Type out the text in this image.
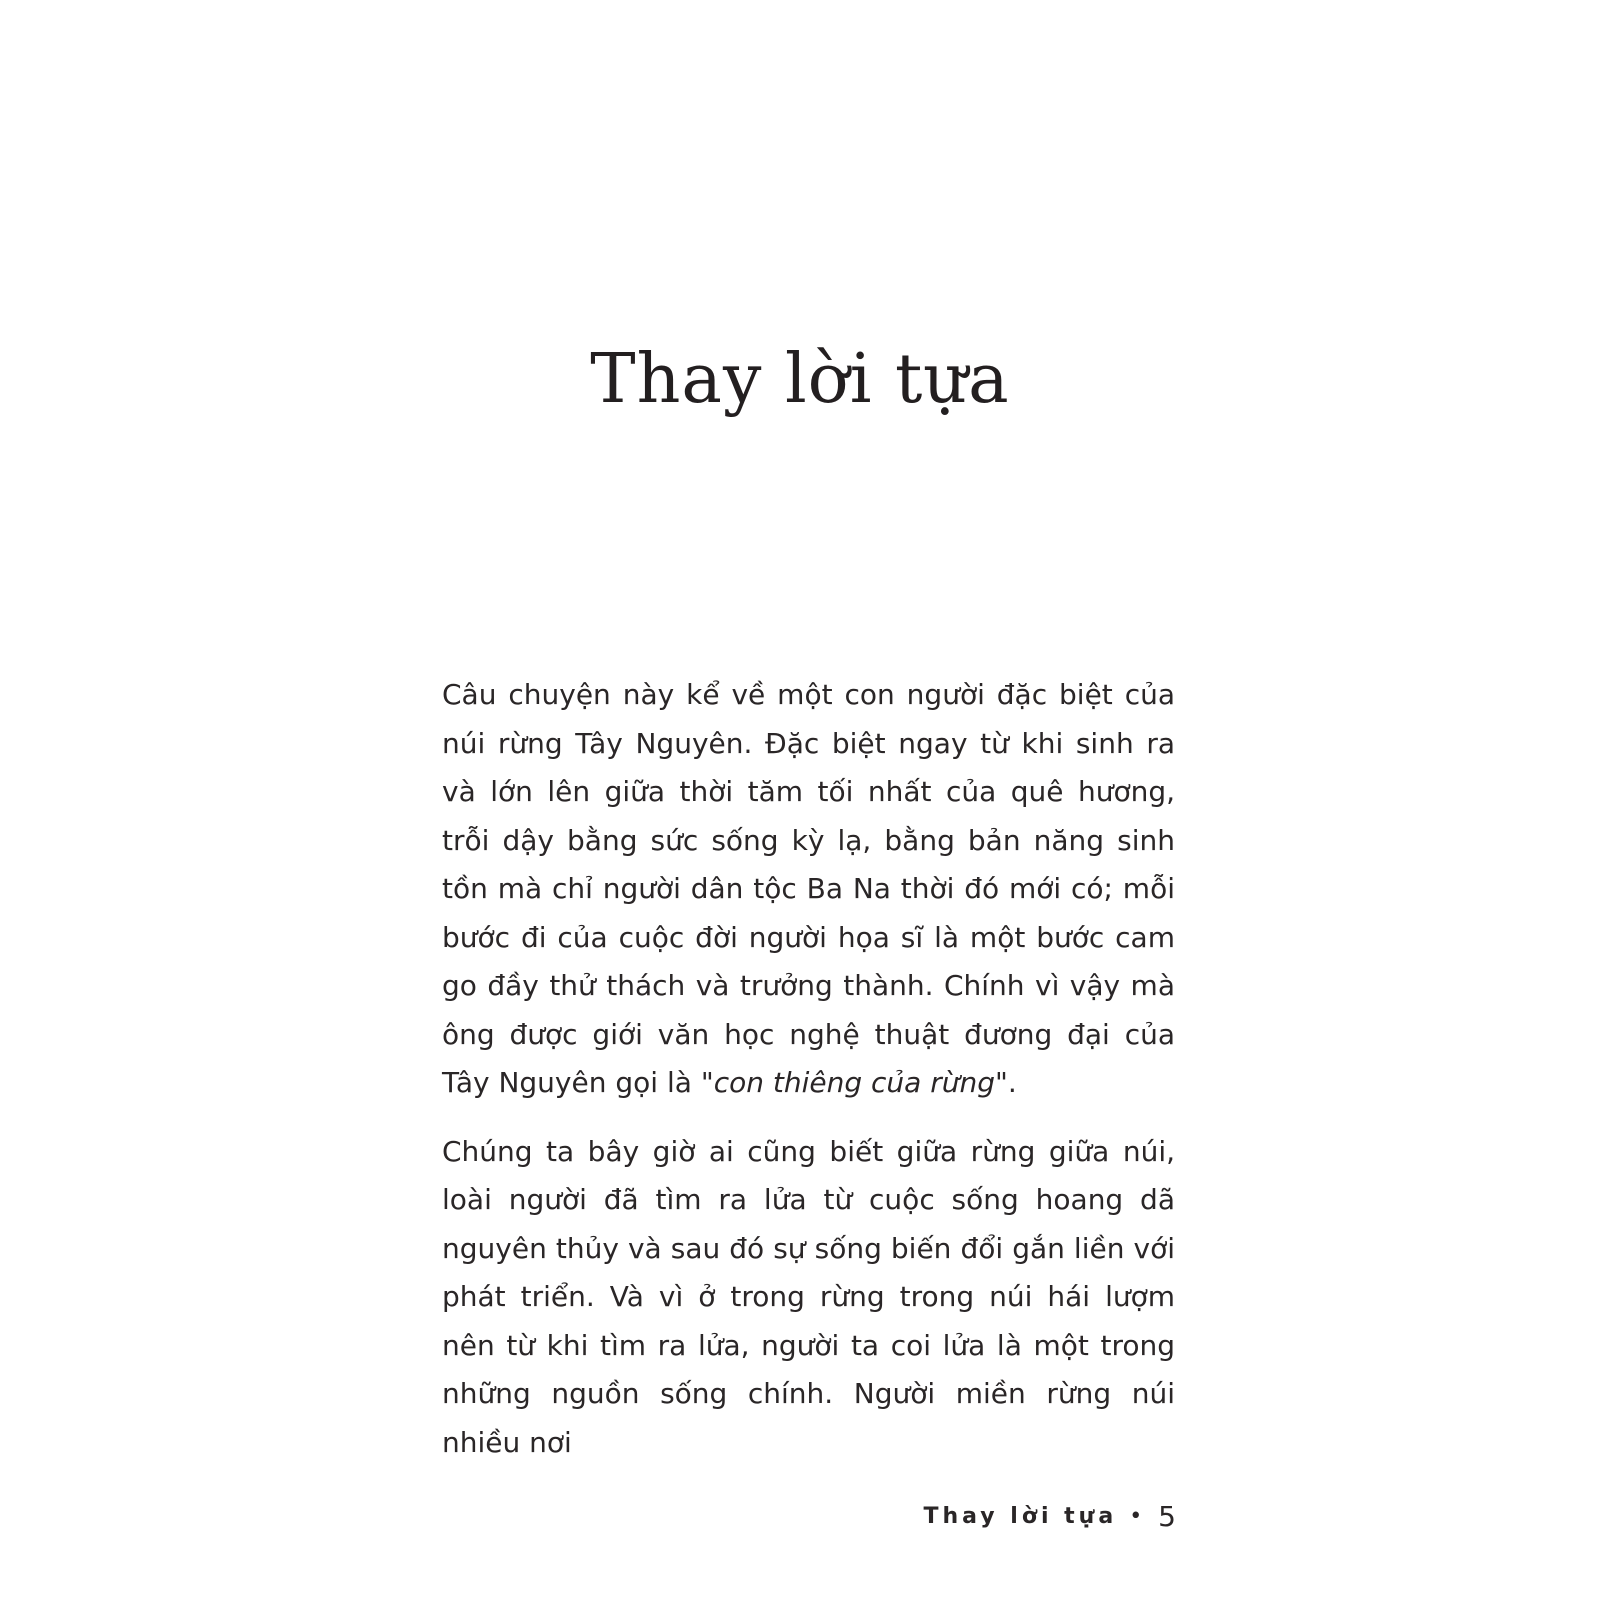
Thay lời tựa

Câu chuyện này kể về một con người đặc biệt của núi rừng Tây Nguyên. Đặc biệt ngay từ khi sinh ra và lớn lên giữa thời tăm tối nhất của quê hương, trỗi dậy bằng sức sống kỳ lạ, bằng bản năng sinh tồn mà chỉ người dân tộc Ba Na thời đó mới có; mỗi bước đi của cuộc đời người họa sĩ là một bước cam go đầy thử thách và trưởng thành. Chính vì vậy mà ông được giới văn học nghệ thuật đương đại của Tây Nguyên gọi là "con thiêng của rừng".

Chúng ta bây giờ ai cũng biết giữa rừng giữa núi, loài người đã tìm ra lửa từ cuộc sống hoang dã nguyên thủy và sau đó sự sống biến đổi gắn liền với phát triển. Và vì ở trong rừng trong núi hái lượm nên từ khi tìm ra lửa, người ta coi lửa là một trong những nguồn sống chính. Người miền rừng núi nhiều nơi

Thay lời tựa • 5
